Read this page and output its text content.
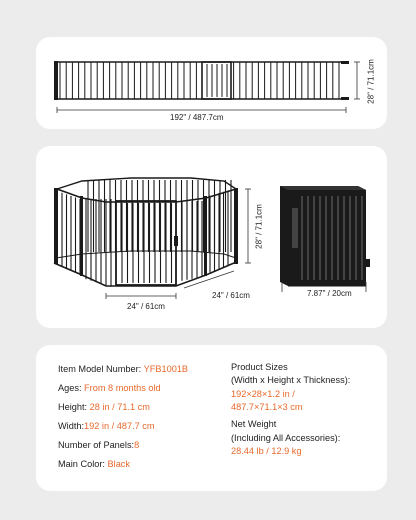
192" / 487.7cm
28" / 71.1cm
28" / 71.1cm
24" / 61cm
24" / 61cm	7.87" / 20cm
Item Model Number: YFB1001B
Ages: From 8 months old
Height: 28 in / 71.1 cm
Width:192 in / 487.7 cm
Number of Panels:8
Main Color: Black
Product Sizes
(Width x Height x Thickness):
192×28×1.2 in /
487.7×71.1×3 cm
Net Weight
(Including All Accessories):
28.44 lb / 12.9 kg
